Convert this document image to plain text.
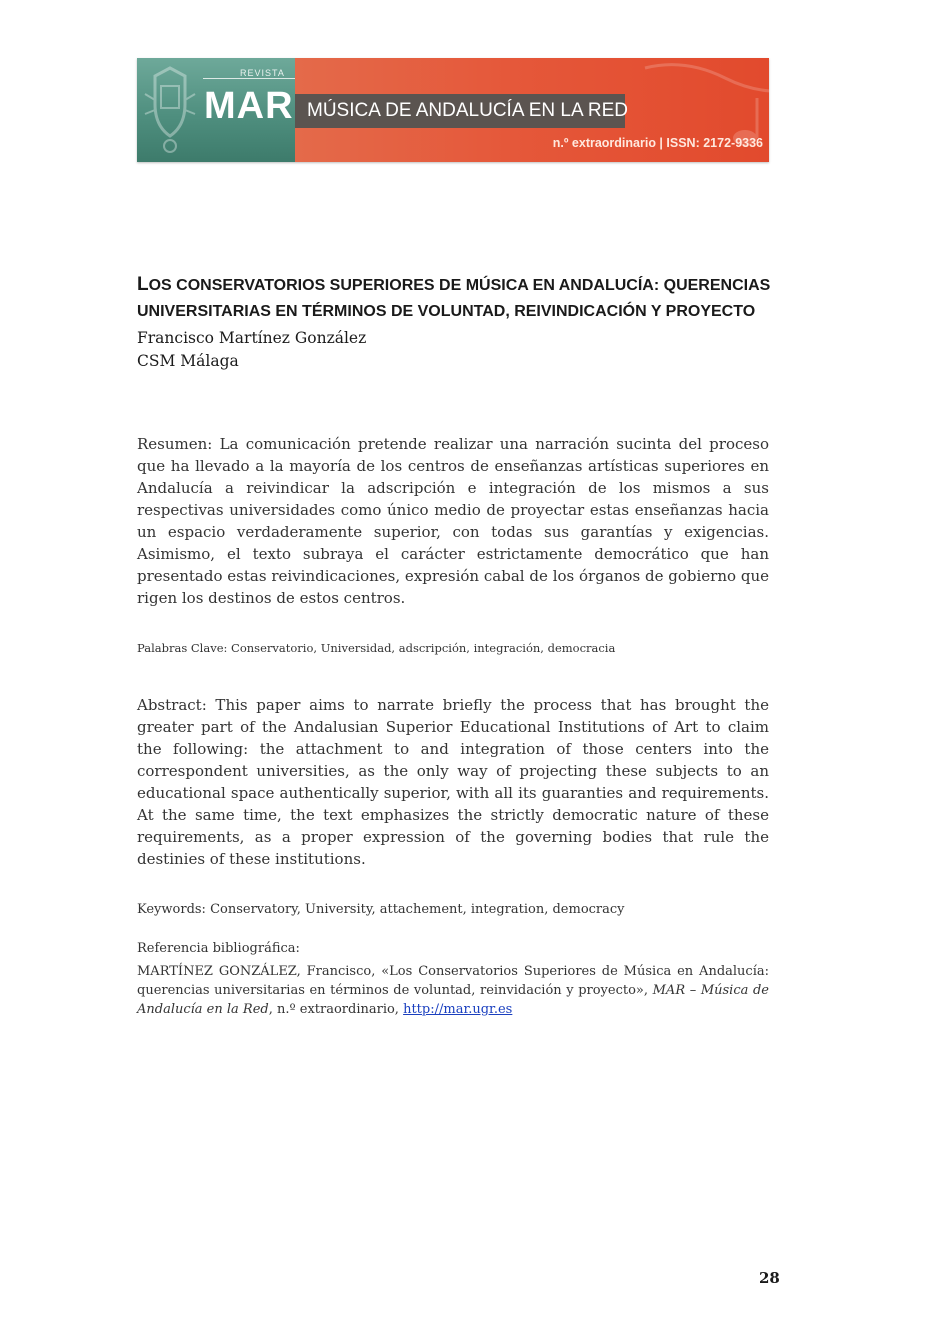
REVISTA
MAR MÚSICA DE ANDALUCÍA EN LA RED
n.º extraordinario | ISSN: 2172-9336
LOS CONSERVATORIOS SUPERIORES DE MÚSICA EN ANDALUCÍA: QUERENCIAS UNIVERSITARIAS EN TÉRMINOS DE VOLUNTAD, REIVINDICACIÓN Y PROYECTO

Francisco Martínez González

CSM Málaga

Resumen: La comunicación pretende realizar una narración sucinta del proceso que ha llevado a la mayoría de los centros de enseñanzas artísticas superiores en Andalucía a reivindicar la adscripción e integración de los mismos a sus respectivas universidades como único medio de proyectar estas enseñanzas hacia un espacio verdaderamente superior, con todas sus garantías y exigencias. Asimismo, el texto subraya el carácter estrictamente democrático que han presentado estas reivindicaciones, expresión cabal de los órganos de gobierno que rigen los destinos de estos centros.

Palabras Clave: Conservatorio, Universidad, adscripción, integración, democracia

Abstract: This paper aims to narrate briefly the process that has brought the greater part of the Andalusian Superior Educational Institutions of Art to claim the following: the attachment to and integration of those centers into the correspondent universities, as the only way of projecting these subjects to an educational space authentically superior, with all its guaranties and requirements. At the same time, the text emphasizes the strictly democratic nature of these requirements, as a proper expression of the governing bodies that rule the destinies of these institutions.

Keywords: Conservatory, University, attachement, integration, democracy

Referencia bibliográfica:

MARTÍNEZ GONZÁLEZ, Francisco, «Los Conservatorios Superiores de Música en Andalucía: querencias universitarias en términos de voluntad, reinvidación y proyecto», MAR – Música de Andalucía en la Red, n.º extraordinario, http://mar.ugr.es

28
